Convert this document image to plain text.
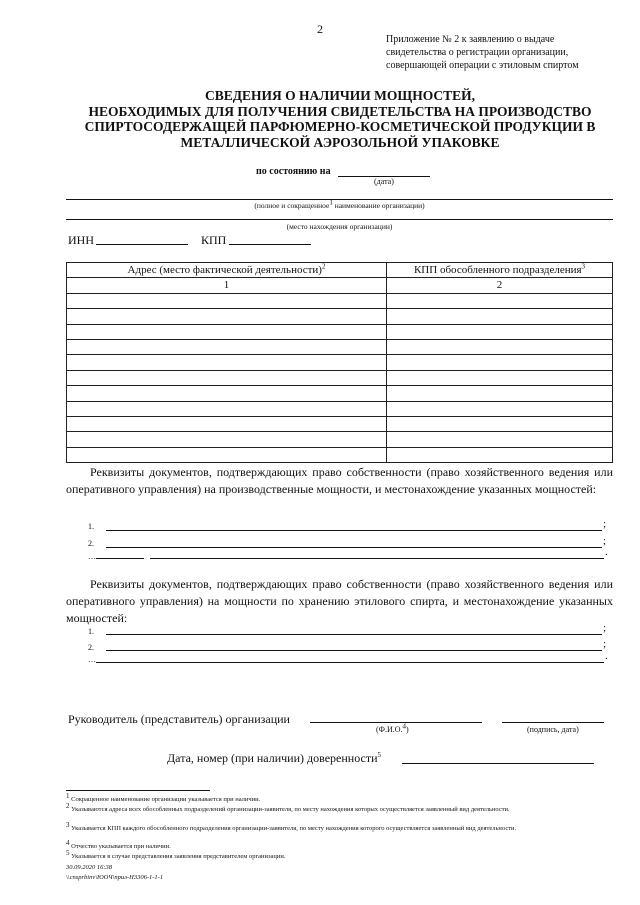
2
Приложение № 2 к заявлению о выдаче
свидетельства о регистрации организации,
совершающей операции с этиловым спиртом
СВЕДЕНИЯ О НАЛИЧИИ МОЩНОСТЕЙ,
НЕОБХОДИМЫХ ДЛЯ ПОЛУЧЕНИЯ СВИДЕТЕЛЬСТВА НА ПРОИЗВОДСТВО
СПИРТОСОДЕРЖАЩЕЙ ПАРФЮМЕРНО-КОСМЕТИЧЕСКОЙ ПРОДУКЦИИ В
МЕТАЛЛИЧЕСКОЙ АЭРОЗОЛЬНОЙ УПАКОВКЕ
по состоянию на
(дата)
(полное и сокращенное$^1$ наименование организации)
(место нахождения организации)
ИНН	КПП
Адрес (место фактической деятельности)$^2$	КПП обособленного подразделения$^3$
1	2

Реквизиты документов, подтверждающих право собственности (право хозяйственного ведения или оперативного управления) на производственные мощности, и местонахождение указанных мощностей:
1.	;
2.	;
…	.
Реквизиты документов, подтверждающих право собственности (право хозяйственного ведения или оперативного управления) на мощности по хранению этилового спирта, и местонахождение указанных мощностей:
1.	;
2.	;
…	.
Руководитель (представитель) организации
(Ф.И.О.$^4$)	(подпись, дата)
Дата, номер (при наличии) доверенности$^5$
$^1$ Сокращенное наименование организации указывается при наличии.
$^2$ Указываются адреса всех обособленных подразделений организации-заявителя, по месту нахождения которых осуществляется заявленный вид деятельности.
$^3$ Указывается КПП каждого обособленного подразделения организации-заявителя, по месту нахождения которого осуществляется заявленный вид деятельности.
$^4$ Отчество указывается при наличии.
$^5$ Указывается в случае представления заявления представителем организации.
30.09.2020 16:38
\\cnsprbinv\ЮОЧ\прил-Н3306-1-1-1
